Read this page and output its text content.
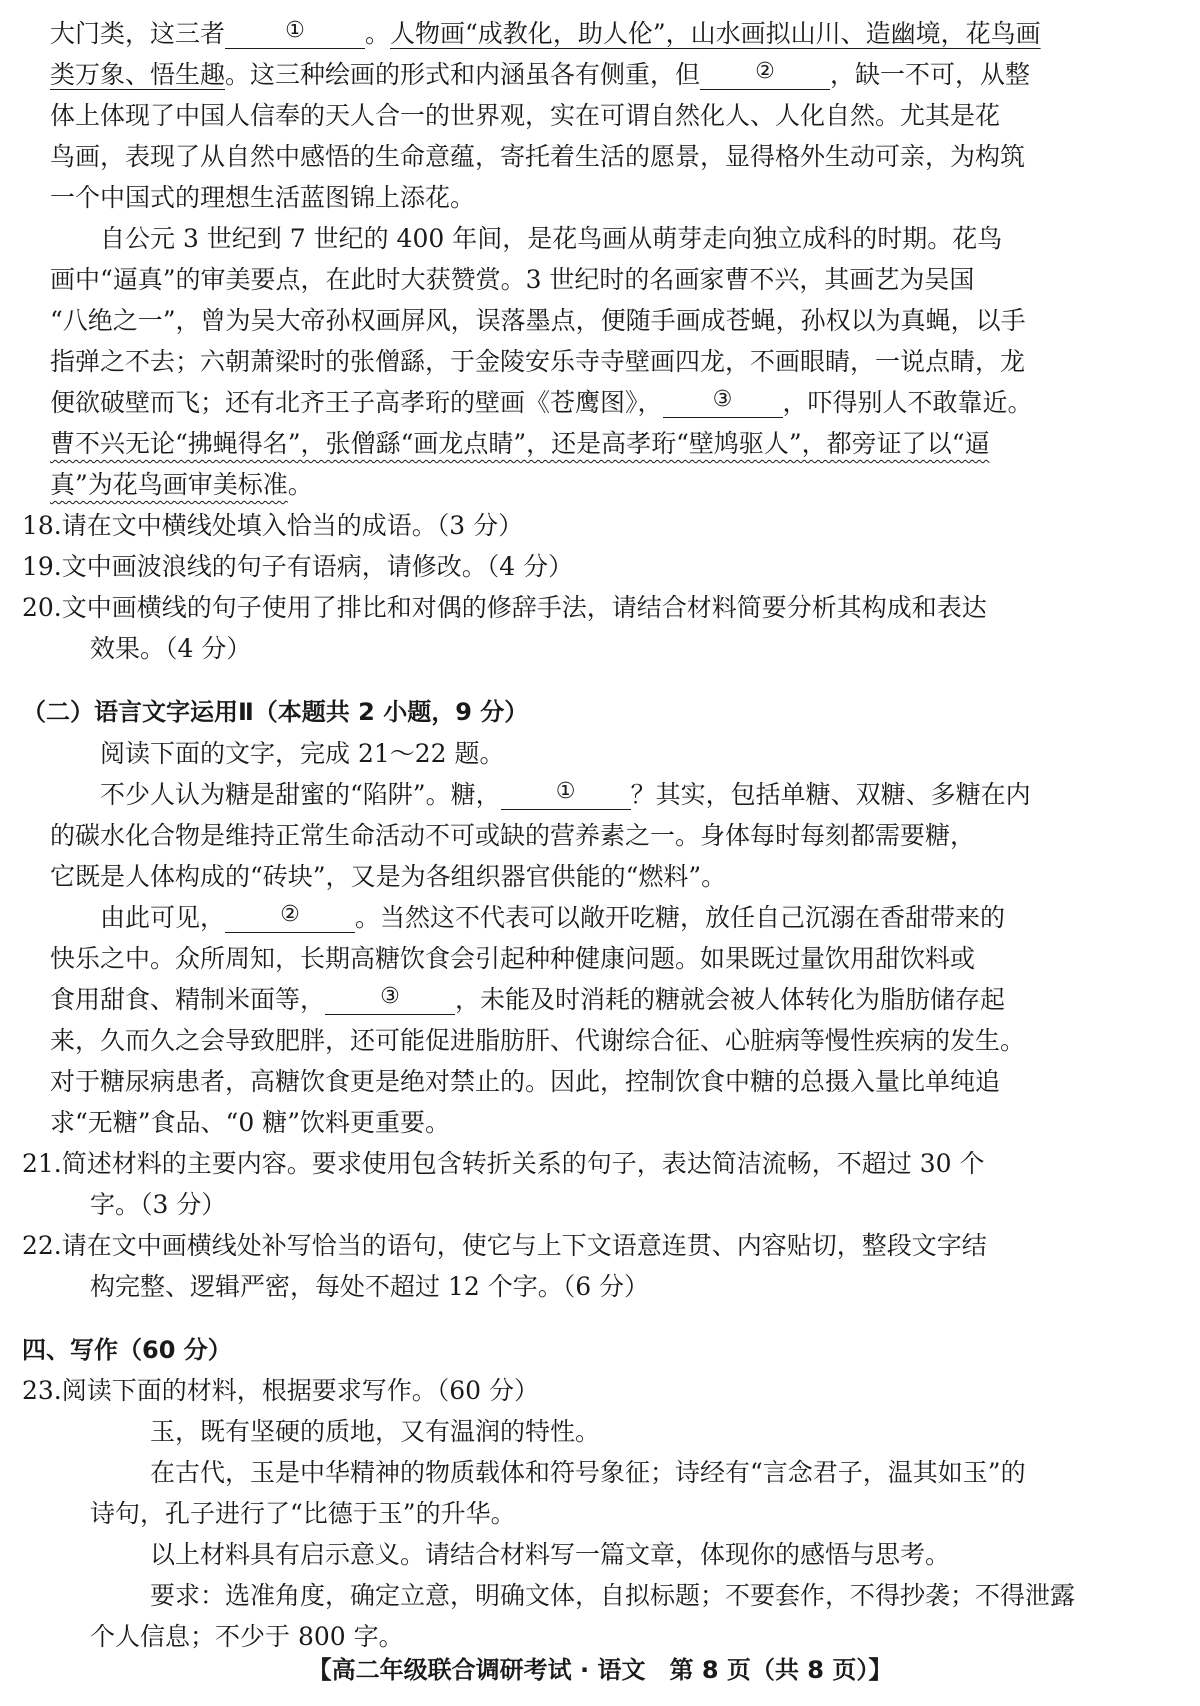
大门类，这三者	① 。人物画“成教化，助人伦”，山水画拟山川、造幽境，花鸟画
类万象、悟生趣。这三种绘画的形式和内涵虽各有侧重，但	② ，缺一不可，从整
体上体现了中国人信奉的天人合一的世界观，实在可谓自然化人、人化自然。尤其是花
鸟画，表现了从自然中感悟的生命意蕴，寄托着生活的愿景，显得格外生动可亲，为构筑
一个中国式的理想生活蓝图锦上添花。
自公元 3 世纪到 7 世纪的 400 年间，是花鸟画从萌芽走向独立成科的时期。花鸟
画中“逼真”的审美要点，在此时大获赞赏。3 世纪时的名画家曹不兴，其画艺为吴国
“八绝之一”，曾为吴大帝孙权画屏风，误落墨点，便随手画成苍蝇，孙权以为真蝇，以手
指弹之不去；六朝萧梁时的张僧繇，于金陵安乐寺寺壁画四龙，不画眼睛，一说点睛，龙
便欲破壁而飞；还有北齐王子高孝珩的壁画《苍鹰图》， ③ ，吓得别人不敢靠近。
曹不兴无论“拂蝇得名”，张僧繇“画龙点睛”，还是高孝珩“壁鸠驱人”，都旁证了以“逼
真”为花鸟画审美标准。
18.请在文中横线处填入恰当的成语。（3 分）
19.文中画波浪线的句子有语病，请修改。（4 分）
20.文中画横线的句子使用了排比和对偶的修辞手法，请结合材料简要分析其构成和表达
效果。（4 分）
（二）语言文字运用Ⅱ（本题共 2 小题，9 分）
阅读下面的文字，完成 21～22 题。
不少人认为糖是甜蜜的“陷阱”。糖，	① ？其实，包括单糖、双糖、多糖在内
的碳水化合物是维持正常生命活动不可或缺的营养素之一。身体每时每刻都需要糖，
它既是人体构成的“砖块”，又是为各组织器官供能的“燃料”。
由此可见，	② 。当然这不代表可以敞开吃糖，放任自己沉溺在香甜带来的
快乐之中。众所周知，长期高糖饮食会引起种种健康问题。如果既过量饮用甜饮料或
食用甜食、精制米面等，	③ ，未能及时消耗的糖就会被人体转化为脂肪储存起
来，久而久之会导致肥胖，还可能促进脂肪肝、代谢综合征、心脏病等慢性疾病的发生。
对于糖尿病患者，高糖饮食更是绝对禁止的。因此，控制饮食中糖的总摄入量比单纯追
求“无糖”食品、“0 糖”饮料更重要。
21.简述材料的主要内容。要求使用包含转折关系的句子，表达简洁流畅，不超过 30 个
字。（3 分）
22.请在文中画横线处补写恰当的语句，使它与上下文语意连贯、内容贴切，整段文字结
构完整、逻辑严密，每处不超过 12 个字。（6 分）
四、写作（60 分）
23.阅读下面的材料，根据要求写作。（60 分）
玉，既有坚硬的质地，又有温润的特性。
在古代，玉是中华精神的物质载体和符号象征；诗经有“言念君子，温其如玉”的
诗句，孔子进行了“比德于玉”的升华。
以上材料具有启示意义。请结合材料写一篇文章，体现你的感悟与思考。
要求：选准角度，确定立意，明确文体，自拟标题；不要套作，不得抄袭；不得泄露
个人信息；不少于 800 字。
【高二年级联合调研考试 · 语文　第 8 页（共 8 页）】
